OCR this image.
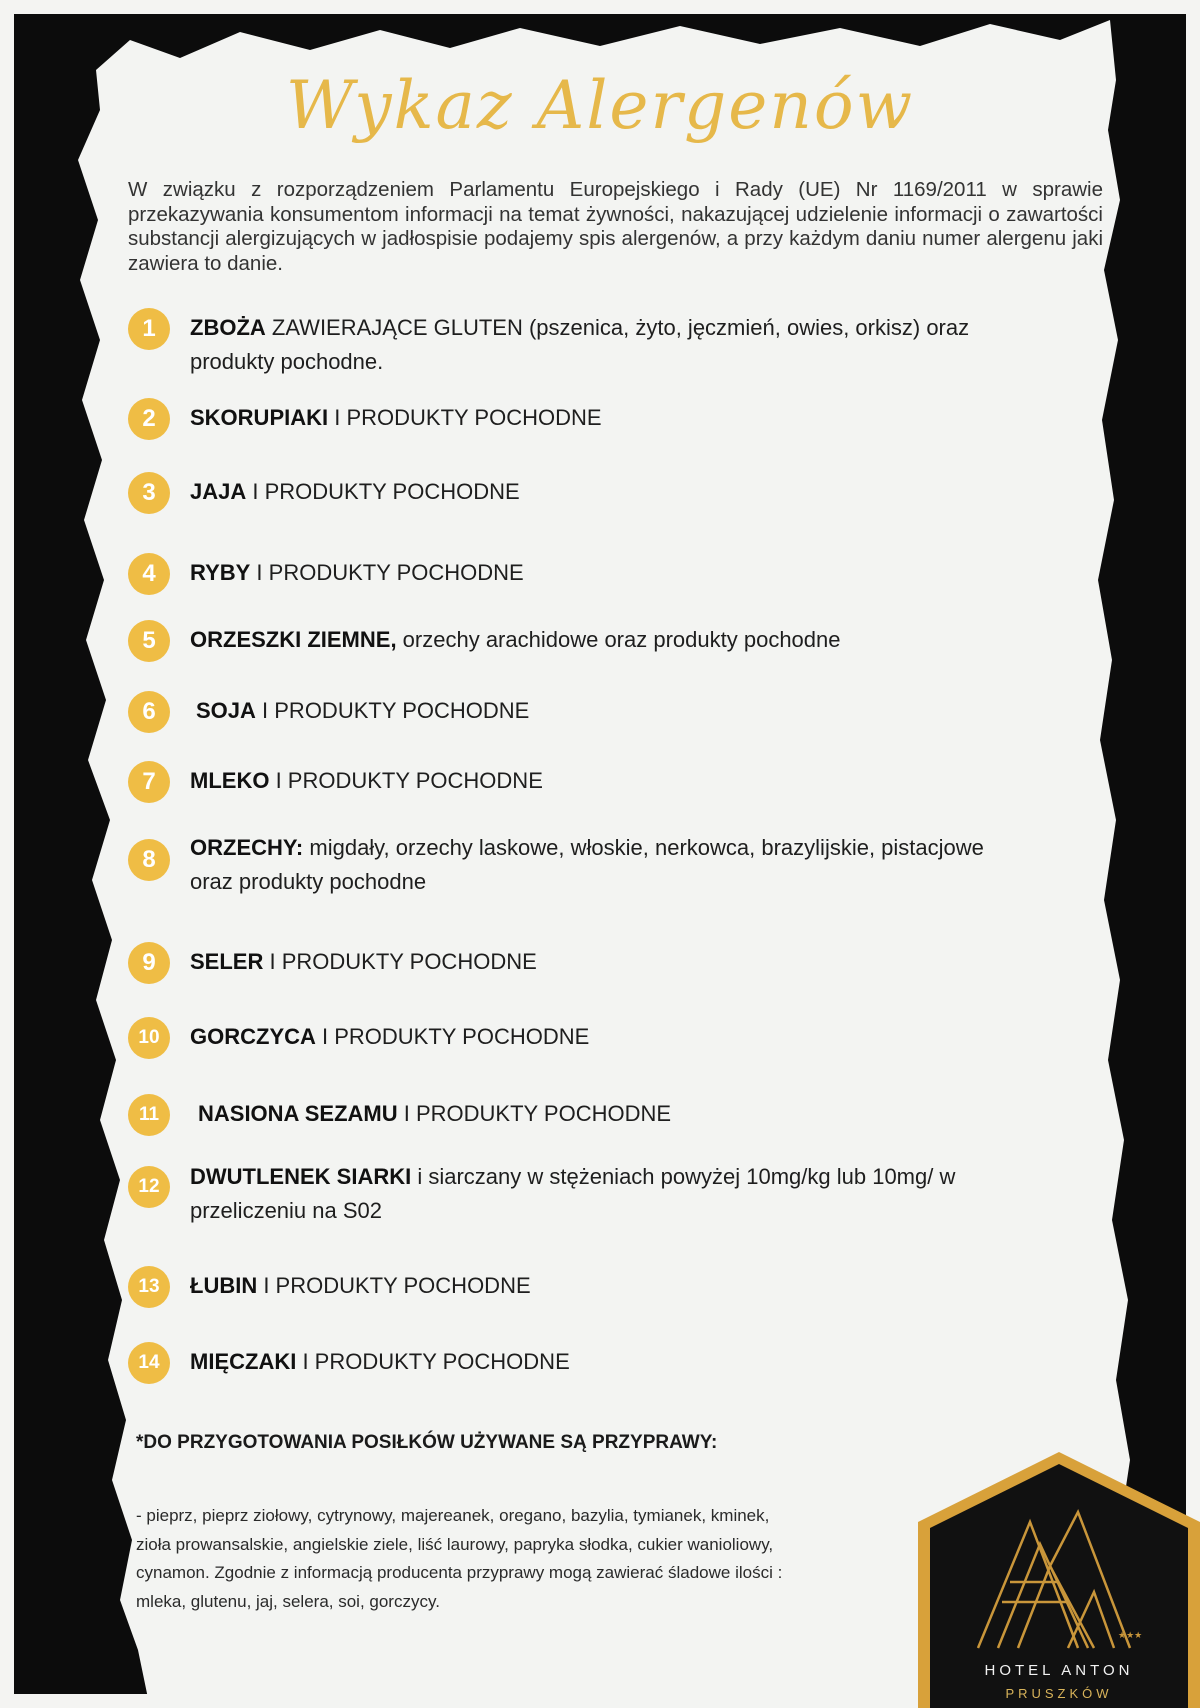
Wykaz Alergenów
W związku z rozporządzeniem Parlamentu Europejskiego i Rady (UE) Nr 1169/2011 w sprawie przekazywania konsumentom informacji na temat żywności, nakazującej udzielenie informacji o zawartości substancji alergizujących w jadłospisie podajemy spis alergenów, a przy każdym daniu numer alergenu jaki zawiera to danie.
1	ZBOŻA ZAWIERAJĄCE GLUTEN (pszenica, żyto, jęczmień, owies, orkisz) oraz produkty pochodne.
2	SKORUPIAKI I PRODUKTY POCHODNE
3	JAJA I PRODUKTY POCHODNE
4	RYBY I PRODUKTY POCHODNE
5	ORZESZKI ZIEMNE, orzechy arachidowe oraz produkty pochodne
6	SOJA I PRODUKTY POCHODNE
7	MLEKO I PRODUKTY POCHODNE
8	ORZECHY: migdały, orzechy laskowe, włoskie, nerkowca, brazylijskie, pistacjowe oraz produkty pochodne
9	SELER I PRODUKTY POCHODNE
10	GORCZYCA I PRODUKTY POCHODNE
11	NASIONA SEZAMU I PRODUKTY POCHODNE
12	DWUTLENEK SIARKI i siarczany w stężeniach powyżej 10mg/kg lub 10mg/ w przeliczeniu na S02
13	ŁUBIN I PRODUKTY POCHODNE
14	MIĘCZAKI I PRODUKTY POCHODNE
*DO PRZYGOTOWANIA POSIŁKÓW UŻYWANE SĄ PRZYPRAWY:
- pieprz, pieprz ziołowy, cytrynowy, majereanek, oregano, bazylia, tymianek, kminek, zioła prowansalskie, angielskie ziele, liść laurowy, papryka słodka, cukier wanioliowy, cynamon. Zgodnie z informacją producenta przyprawy mogą zawierać śladowe ilości : mleka, glutenu, jaj, selera, soi, gorczycy.
★★★
HOTEL ANTON
PRUSZKÓW
